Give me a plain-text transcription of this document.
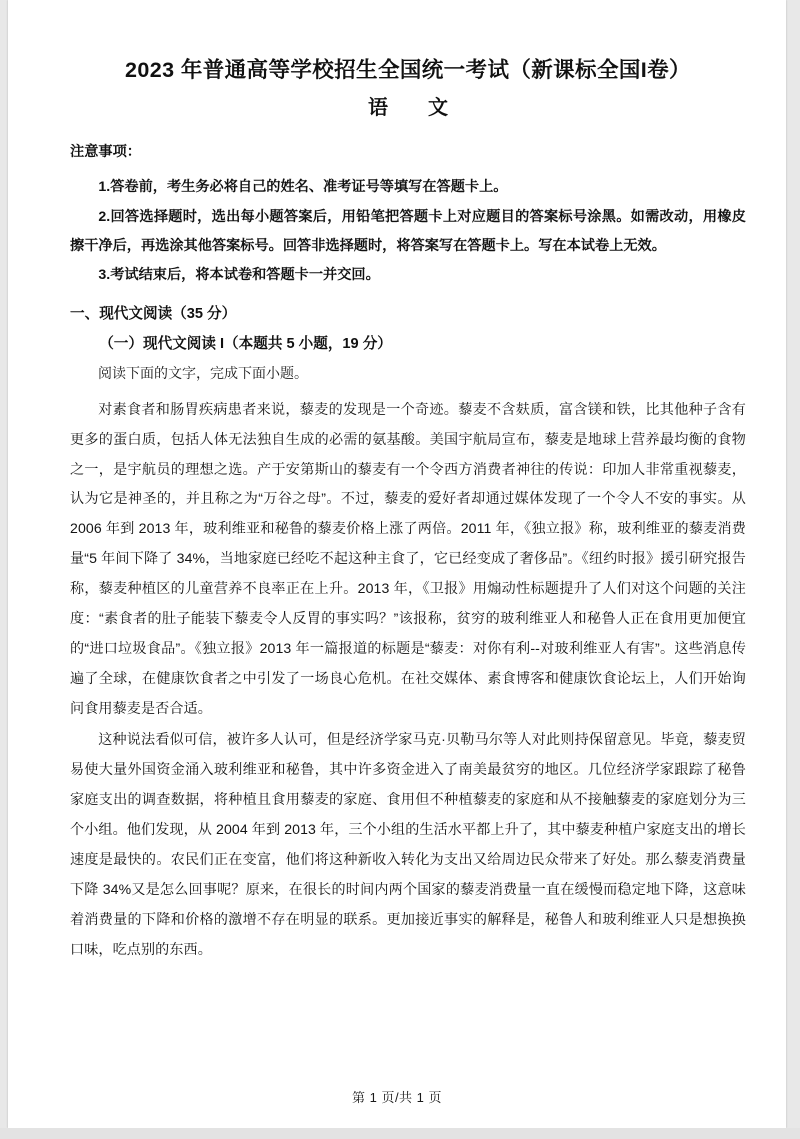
2023 年普通高等学校招生全国统一考试（新课标全国I卷）
语　文

注意事项：

1.答卷前，考生务必将自己的姓名、准考证号等填写在答题卡上。

2.回答选择题时，选出每小题答案后，用铅笔把答题卡上对应题目的答案标号涂黑。如需改动，用橡皮擦干净后，再选涂其他答案标号。回答非选择题时，将答案写在答题卡上。写在本试卷上无效。

3.考试结束后，将本试卷和答题卡一并交回。

一、现代文阅读（35 分）

（一）现代文阅读 I（本题共 5 小题，19 分）

阅读下面的文字，完成下面小题。

对素食者和肠胃疾病患者来说，藜麦的发现是一个奇迹。藜麦不含麸质，富含镁和铁，比其他种子含有更多的蛋白质，包括人体无法独自生成的必需的氨基酸。美国宇航局宣布，藜麦是地球上营养最均衡的食物之一，是宇航员的理想之选。产于安第斯山的藜麦有一个令西方消费者神往的传说：印加人非常重视藜麦，认为它是神圣的，并且称之为“万谷之母”。不过，藜麦的爱好者却通过媒体发现了一个令人不安的事实。从 2006 年到 2013 年，玻利维亚和秘鲁的藜麦价格上涨了两倍。2011 年，《独立报》称，玻利维亚的藜麦消费量“5 年间下降了 34%，当地家庭已经吃不起这种主食了，它已经变成了奢侈品”。《纽约时报》援引研究报告称，藜麦种植区的儿童营养不良率正在上升。2013 年，《卫报》用煽动性标题提升了人们对这个问题的关注度：“素食者的肚子能装下藜麦令人反胃的事实吗？”该报称，贫穷的玻利维亚人和秘鲁人正在食用更加便宜的“进口垃圾食品”。《独立报》2013 年一篇报道的标题是“藜麦：对你有利--对玻利维亚人有害”。这些消息传遍了全球，在健康饮食者之中引发了一场良心危机。在社交媒体、素食博客和健康饮食论坛上，人们开始询问食用藜麦是否合适。

这种说法看似可信，被许多人认可，但是经济学家马克·贝勒马尔等人对此则持保留意见。毕竟，藜麦贸易使大量外国资金涌入玻利维亚和秘鲁，其中许多资金进入了南美最贫穷的地区。几位经济学家跟踪了秘鲁家庭支出的调查数据，将种植且食用藜麦的家庭、食用但不种植藜麦的家庭和从不接触藜麦的家庭划分为三个小组。他们发现，从 2004 年到 2013 年，三个小组的生活水平都上升了，其中藜麦种植户家庭支出的增长速度是最快的。农民们正在变富，他们将这种新收入转化为支出又给周边民众带来了好处。那么藜麦消费量下降 34%又是怎么回事呢？原来，在很长的时间内两个国家的藜麦消费量一直在缓慢而稳定地下降，这意味着消费量的下降和价格的激增不存在明显的联系。更加接近事实的解释是，秘鲁人和玻利维亚人只是想换换口味，吃点别的东西。

第 1 页/共 1 页
